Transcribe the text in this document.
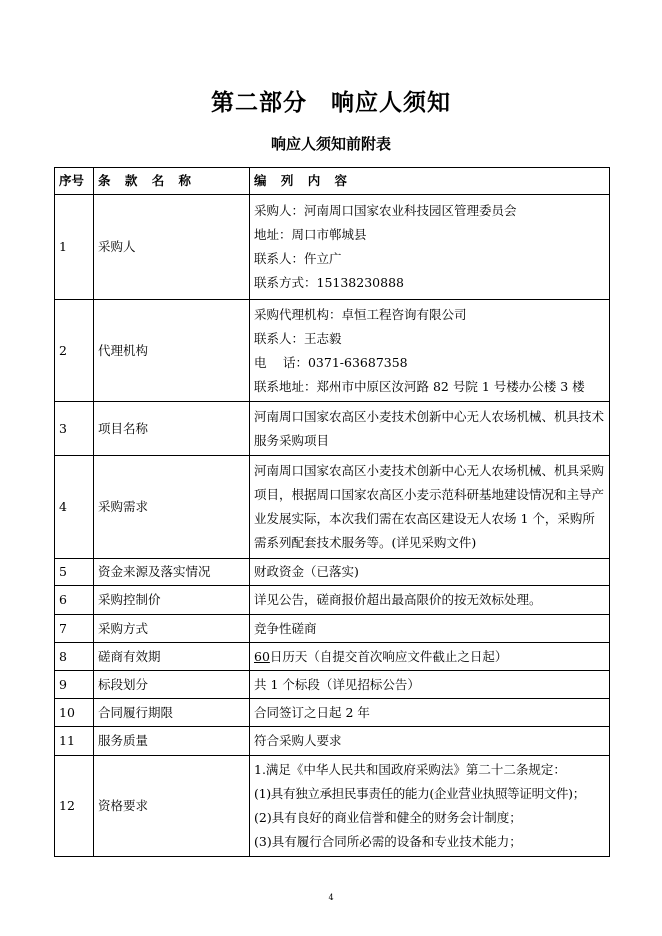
第二部分　响应人须知
响应人须知前附表
序号	条 款 名 称	编 列 内 容
1	采购人	采购人：河南周口国家农业科技园区管理委员会
地址：周口市郸城县
联系人：仵立广
联系方式：15138230888

2	代理机构	采购代理机构：卓恒工程咨询有限公司
联系人：王志毅
电　 话：0371-63687358
联系地址：郑州市中原区汝河路 82 号院 1 号楼办公楼 3 楼

3	项目名称	河南周口国家农高区小麦技术创新中心无人农场机械、机具技术服务采购项目

4	采购需求	河南周口国家农高区小麦技术创新中心无人农场机械、机具采购项目，根据周口国家农高区小麦示范科研基地建设情况和主导产业发展实际，本次我们需在农高区建设无人农场 1 个，采购所需系列配套技术服务等。(详见采购文件)

5	资金来源及落实情况	财政资金（已落实)
6	采购控制价	详见公告，磋商报价超出最高限价的按无效标处理。
7	采购方式	竞争性磋商
8	磋商有效期	60日历天（自提交首次响应文件截止之日起）
9	标段划分	共 1 个标段（详见招标公告）
10	合同履行期限	合同签订之日起 2 年
11	服务质量	符合采购人要求
12	资格要求	1.满足《中华人民共和国政府采购法》第二十二条规定：
(1)具有独立承担民事责任的能力(企业营业执照等证明文件)；
(2)具有良好的商业信誉和健全的财务会计制度；
(3)具有履行合同所必需的设备和专业技术能力；
4
